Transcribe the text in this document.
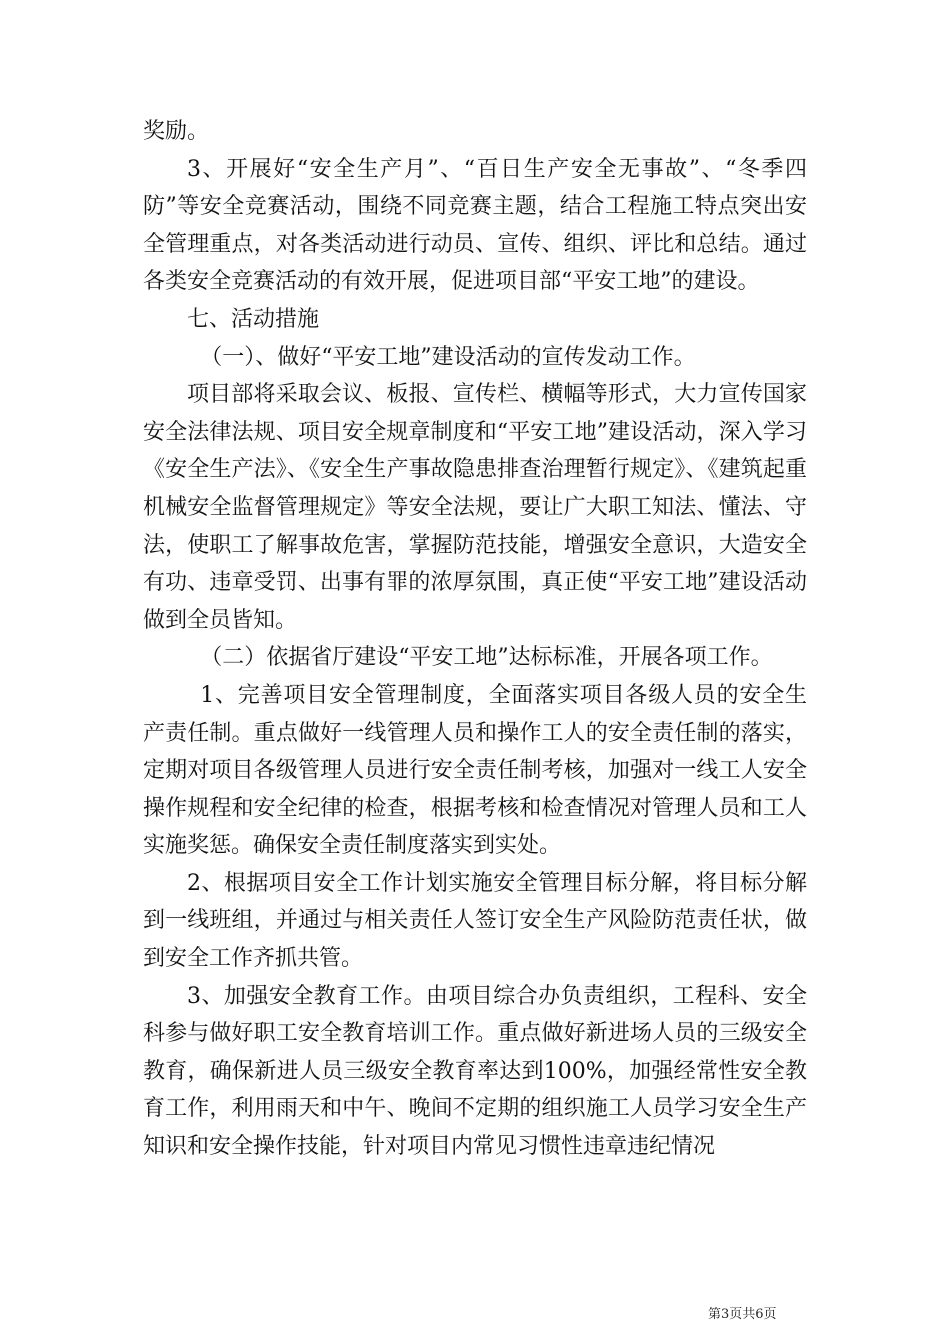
奖励。

3、开展好“安全生产月”、“百日生产安全无事故”、“冬季四防”等安全竞赛活动，围绕不同竞赛主题，结合工程施工特点突出安全管理重点，对各类活动进行动员、宣传、组织、评比和总结。通过各类安全竞赛活动的有效开展，促进项目部“平安工地”的建设。

七、活动措施

（一）、做好“平安工地”建设活动的宣传发动工作。

项目部将采取会议、板报、宣传栏、横幅等形式，大力宣传国家安全法律法规、项目安全规章制度和“平安工地”建设活动，深入学习《安全生产法》、《安全生产事故隐患排查治理暂行规定》、《建筑起重机械安全监督管理规定》等安全法规，要让广大职工知法、懂法、守法，使职工了解事故危害，掌握防范技能，增强安全意识，大造安全有功、违章受罚、出事有罪的浓厚氛围，真正使“平安工地”建设活动做到全员皆知。

（二）依据省厅建设“平安工地”达标标准，开展各项工作。

1、完善项目安全管理制度，全面落实项目各级人员的安全生产责任制。重点做好一线管理人员和操作工人的安全责任制的落实，定期对项目各级管理人员进行安全责任制考核，加强对一线工人安全操作规程和安全纪律的检查，根据考核和检查情况对管理人员和工人实施奖惩。确保安全责任制度落实到实处。

2、根据项目安全工作计划实施安全管理目标分解，将目标分解到一线班组，并通过与相关责任人签订安全生产风险防范责任状，做到安全工作齐抓共管。

3、加强安全教育工作。由项目综合办负责组织，工程科、安全科参与做好职工安全教育培训工作。重点做好新进场人员的三级安全教育，确保新进人员三级安全教育率达到100%，加强经常性安全教育工作，利用雨天和中午、晚间不定期的组织施工人员学习安全生产知识和安全操作技能，针对项目内常见习惯性违章违纪情况

第3页共6页
